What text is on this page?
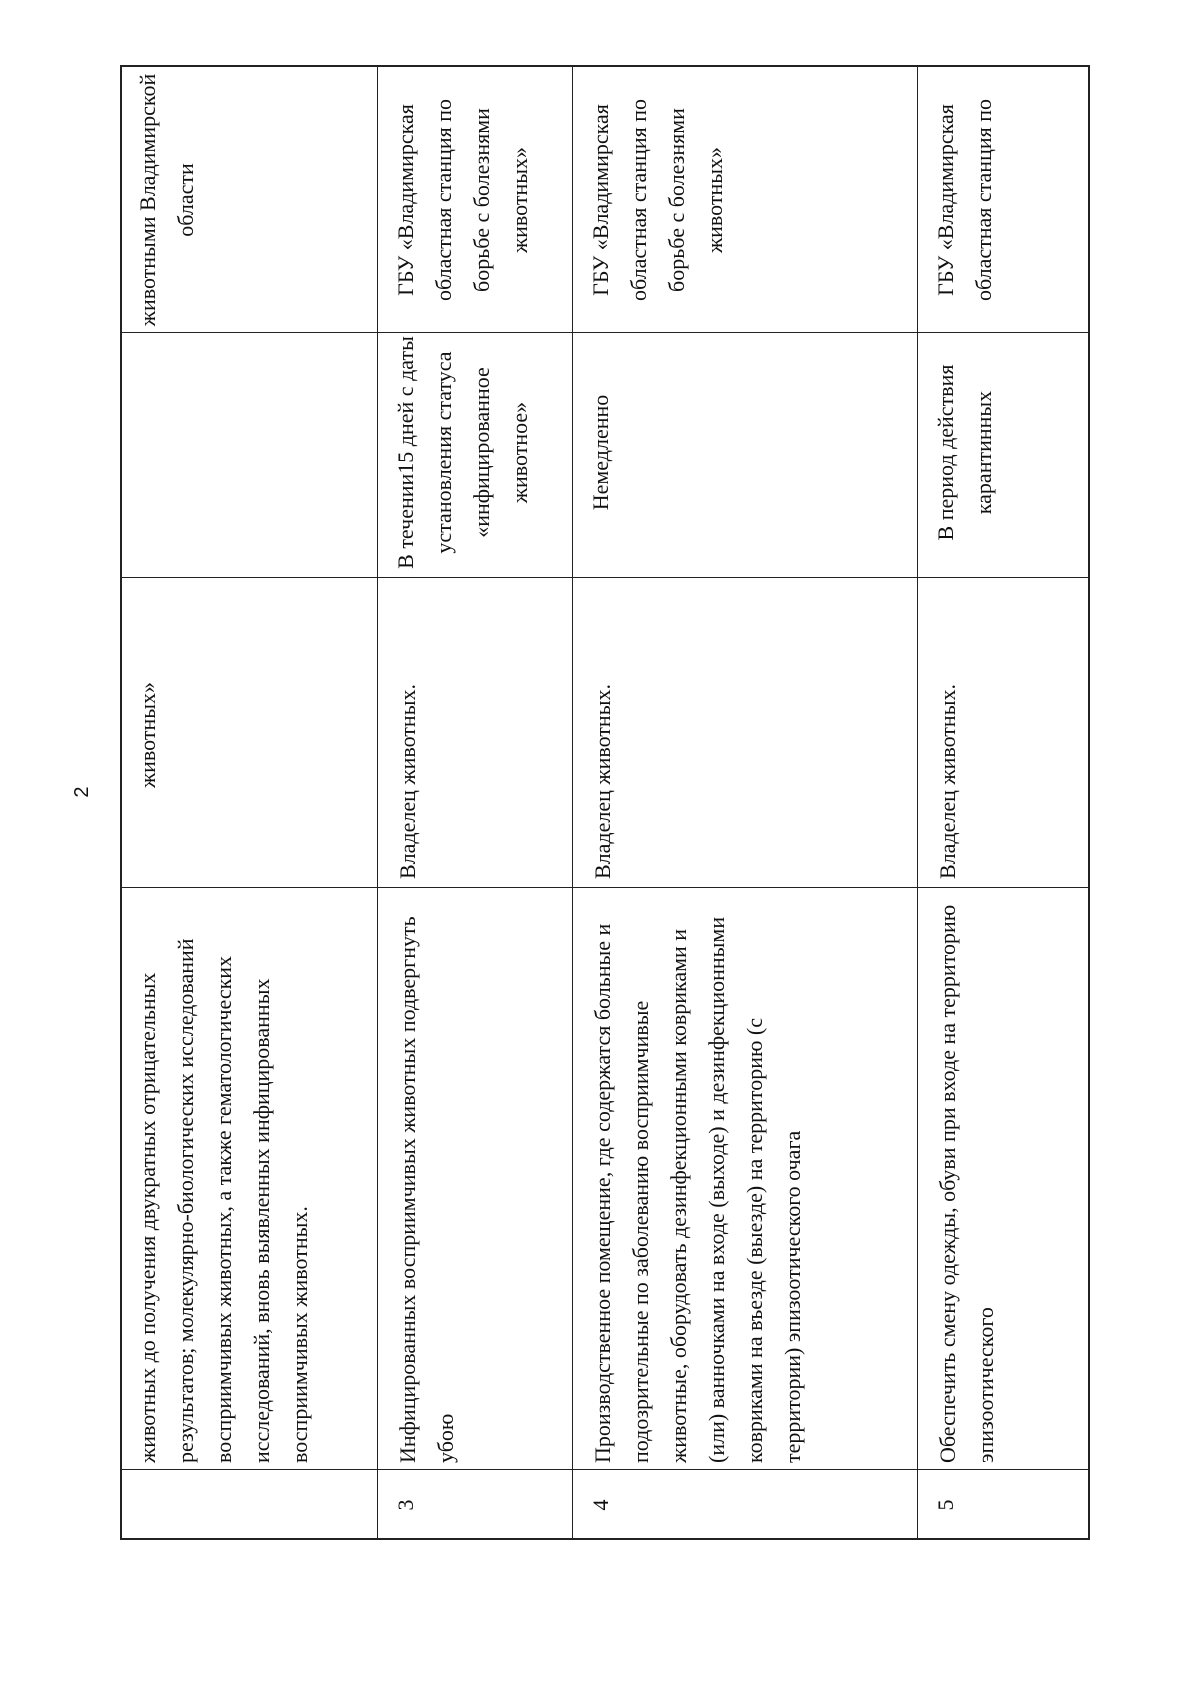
2
животных до получения двукратных отрицательных результатов; молекулярно-биологических исследований восприимчивых животных, а также гематологических исследований, вновь выявленных инфицированных восприимчивых животных.
животных»
животными Владимирской области
3
Инфицированных восприимчивых животных подвергнуть убою
Владелец животных.
В течении15 дней с даты установления статуса «инфицированное животное»
ГБУ «Владимирская областная станция по борьбе с болезнями животных»
4
Производственное помещение, где содержатся больные и подозрительные по заболеванию восприимчивые животные, оборудовать дезинфекционными ковриками и (или) ванночками на входе (выходе) и дезинфекционными ковриками на въезде (выезде) на территорию (с территории) эпизоотического очага
Владелец животных.
Немедленно
ГБУ «Владимирская областная станция по борьбе с болезнями животных»
5
Обеспечить смену одежды, обуви при входе на территорию эпизоотического
Владелец животных.
В период действия карантинных
ГБУ «Владимирская областная станция по
